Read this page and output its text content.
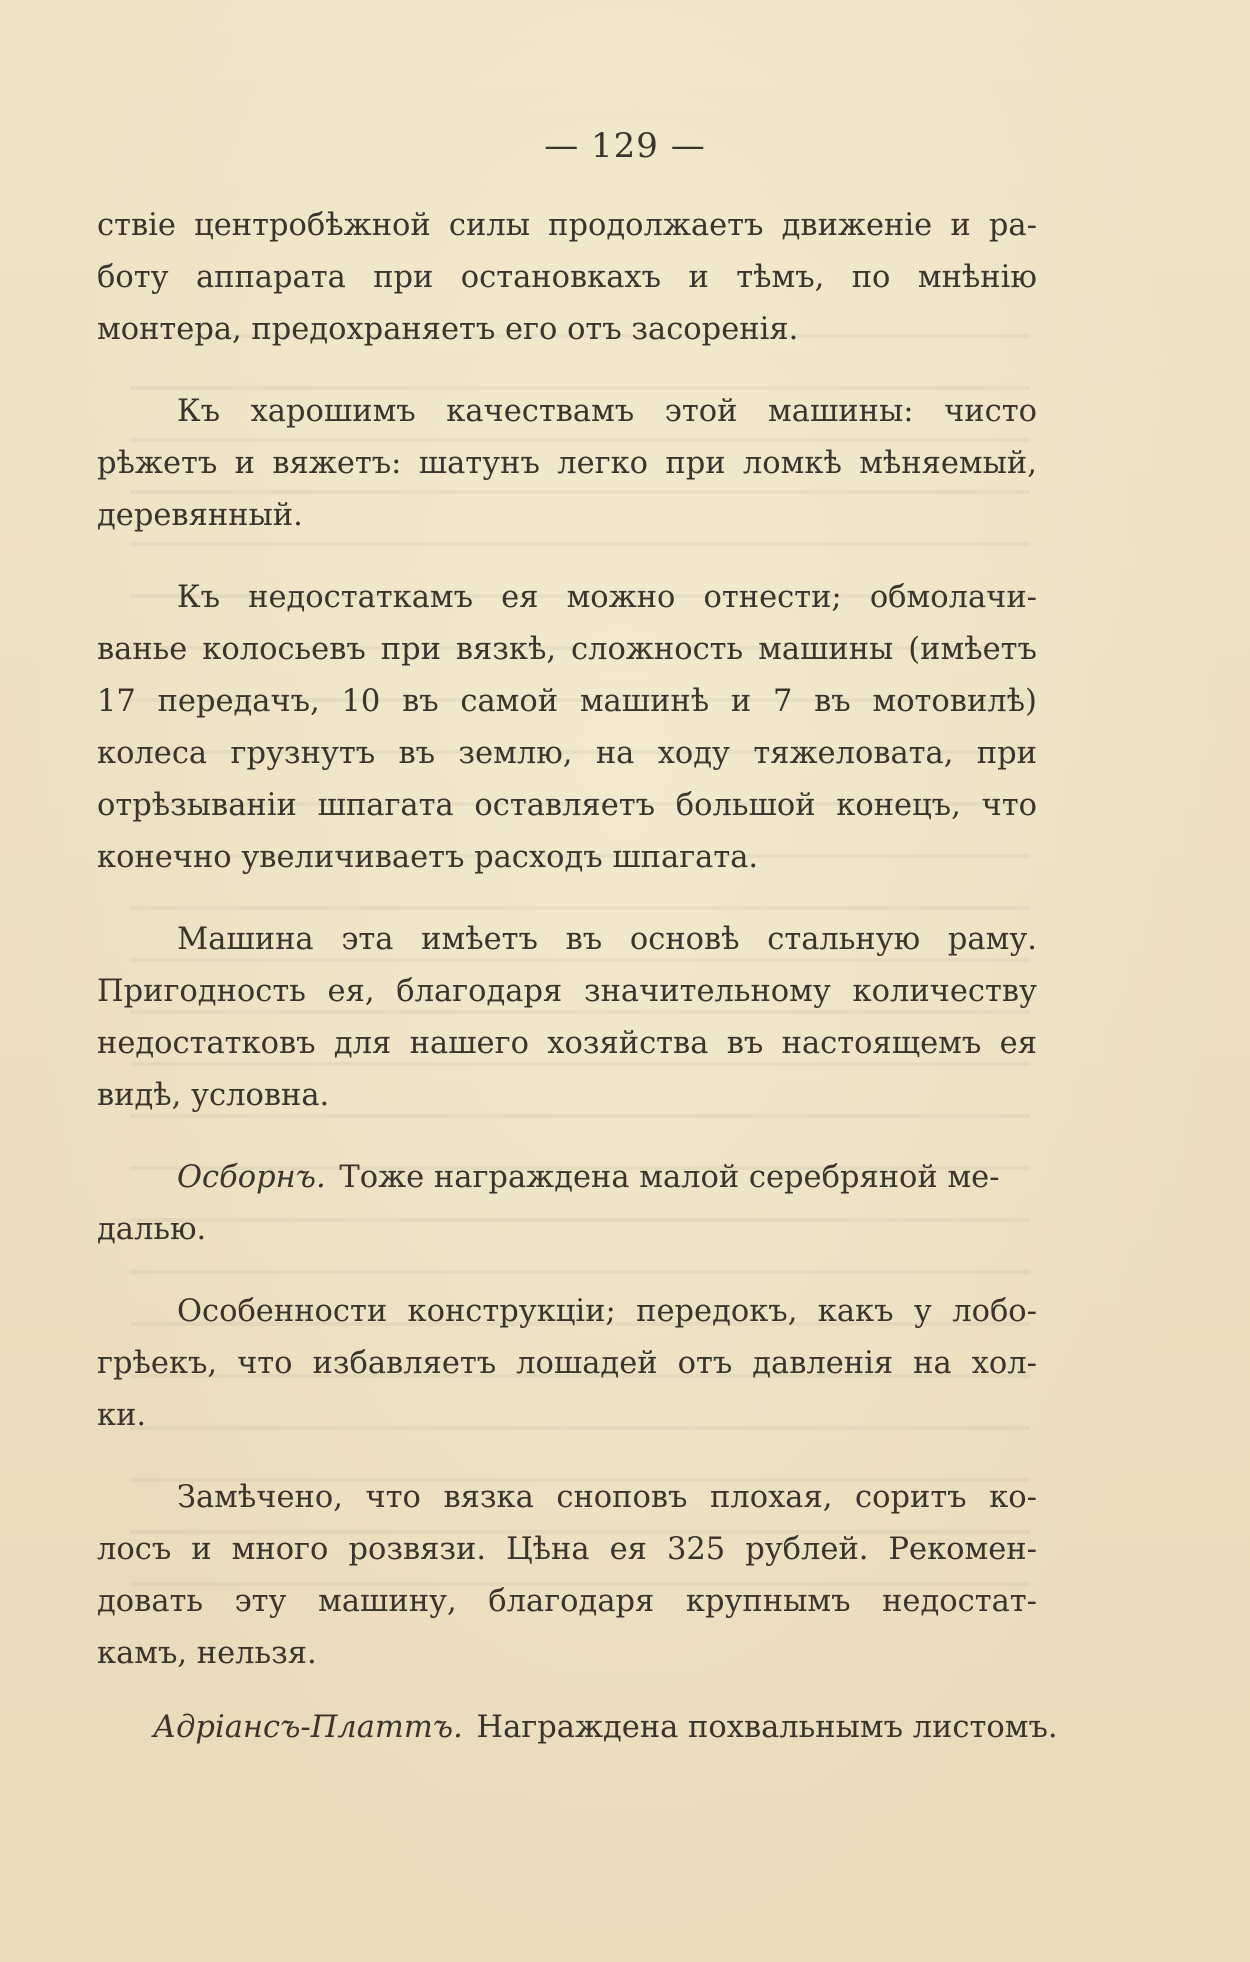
— 129 —
ствіе центробѣжной силы продолжаетъ движеніе и ра-
боту аппарата при остановкахъ и тѣмъ, по мнѣнію
монтера, предохраняетъ его отъ засоренія.
Къ харошимъ качествамъ этой машины: чисто
рѣжетъ и вяжетъ: шатунъ легко при ломкѣ мѣняемый,
деревянный.
Къ недостаткамъ ея можно отнести; обмолачи-
ванье колосьевъ при вязкѣ, сложность машины (имѣетъ
17 передачъ, 10 въ самой машинѣ и 7 въ мотовилѣ)
колеса грузнутъ въ землю, на ходу тяжеловата, при
отрѣзываніи шпагата оставляетъ большой конецъ, что
конечно увеличиваетъ расходъ шпагата.
Машина эта имѣетъ въ основѣ стальную раму.
Пригодность ея, благодаря значительному количеству
недостатковъ для нашего хозяйства въ настоящемъ ея
видѣ, условна.
Осборнъ. Тоже награждена малой серебряной ме-
далью.
Особенности конструкціи; передокъ, какъ у лобо-
грѣекъ, что избавляетъ лошадей отъ давленія на хол-
ки.
Замѣчено, что вязка сноповъ плохая, соритъ ко-
лосъ и много розвязи. Цѣна ея 325 рублей. Рекомен-
довать эту машину, благодаря крупнымъ недостат-
камъ, нельзя.
Адріансъ-Платтъ. Награждена похвальнымъ листомъ.
